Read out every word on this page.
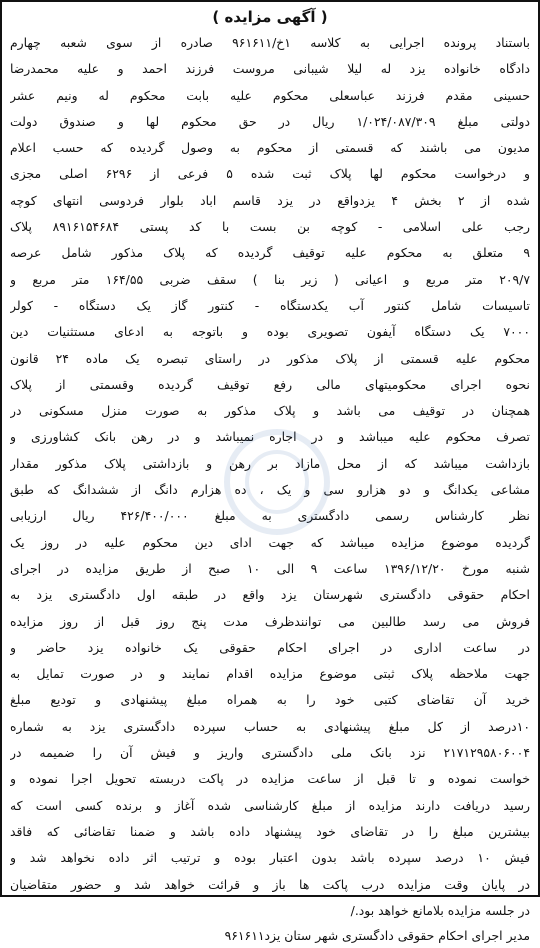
( آگهی مزایده )
باستناد پرونده اجرایی به کلاسه ۱خ/۹۶۱۶۱۱ صادره از سوی شعبه چهارم
دادگاه خانواده یزد له لیلا شیبانی مروست فرزند احمد و علیه محمدرضا
حسینی مقدم فرزند عباسعلی محکوم علیه بابت محکوم له ونیم عشر
دولتی مبلغ ۱/۰۲۴/۰۸۷/۳۰۹ ریال در حق محکوم لها و صندوق دولت
مدیون می باشند که قسمتی از محکوم به وصول گردیده که حسب اعلام
و درخواست محکوم لها پلاک ثبت شده ۵ فرعی از ۶۲۹۶ اصلی مجزی
شده از ۲ بخش ۴ یزدواقع در یزد قاسم اباد بلوار فردوسی انتهای کوچه
رجب علی اسلامی - کوچه بن بست با کد پستی ۸۹۱۶۱۵۴۶۸۴ پلاک
۹ متعلق به محکوم علیه توقیف گردیده که پلاک مذکور شامل عرصه
۲۰۹/۷ متر مربع و اعیانی ( زیر بنا ) سقف ضربی ۱۶۴/۵۵ متر مربع و
تاسیسات شامل کنتور آب یکدستگاه - کنتور گاز یک دستگاه - کولر
۷۰۰۰ یک دستگاه آیفون تصویری بوده و باتوجه به ادعای مستثنیات دین
محکوم علیه قسمتی از پلاک مذکور در راستای تبصره یک ماده ۲۴ قانون
نحوه اجرای محکومیتهای مالی رفع توقیف گردیده وقسمتی از پلاک
همچنان در توقیف می باشد و پلاک مذکور به صورت منزل مسکونی در
تصرف محکوم علیه میباشد و در اجاره نمیباشد و در رهن بانک کشاورزی و
بازداشت میباشد که از محل مازاد بر رهن و بازداشتی پلاک مذکور مقدار
مشاعی یکدانگ و دو هزارو سی و یک ، ده هزارم دانگ از ششدانگ که طبق
نظر کارشناس رسمی دادگستری به مبلغ ۴۲۶/۴۰۰/۰۰۰ ریال ارزیابی
گردیده موضوع مزایده میباشد که جهت ادای دین محکوم علیه در روز یک
شنبه مورخ ۱۳۹۶/۱۲/۲۰ ساعت ۹ الی ۱۰ صبح از طریق مزایده در اجرای
احکام حقوقی دادگستری شهرستان یزد واقع در طبقه اول دادگستری یزد به
فروش می رسد طالبین می توانندظرف مدت پنج روز قبل از روز مزایده
در ساعت اداری در اجرای احکام حقوقی یک خانواده یزد حاضر و
جهت ملاحظه پلاک ثبتی موضوع مزایده اقدام نمایند و در صورت تمایل به
خرید آن تقاضای کتبی خود را به همراه مبلغ پیشنهادی و تودیع مبلغ
۱۰درصد از کل مبلغ پیشنهادی به حساب سپرده دادگستری یزد به شماره
۲۱۷۱۲۹۵۸۰۶۰۰۴ نزد بانک ملی دادگستری واریز و فیش آن را ضمیمه در
خواست نموده و تا قبل از ساعت مزایده در پاکت دربسته تحویل اجرا نموده و
رسید دریافت دارند مزایده از مبلغ کارشناسی شده آغاز و برنده کسی است که
بیشترین مبلغ را در تقاضای خود پیشنهاد داده باشد و ضمنا تقاضائی که فاقد
فیش ۱۰ درصد سپرده باشد بدون اعتبار بوده و ترتیب اثر داده نخواهد شد و
در پایان وقت مزایده درب پاکت ها باز و قرائت خواهد شد و حضور متقاضیان
در جلسه مزایده بلامانع خواهد بود./
مدیر اجرای احکام حقوقی دادگستری شهر ستان یزد۹۶۱۶۱۱
